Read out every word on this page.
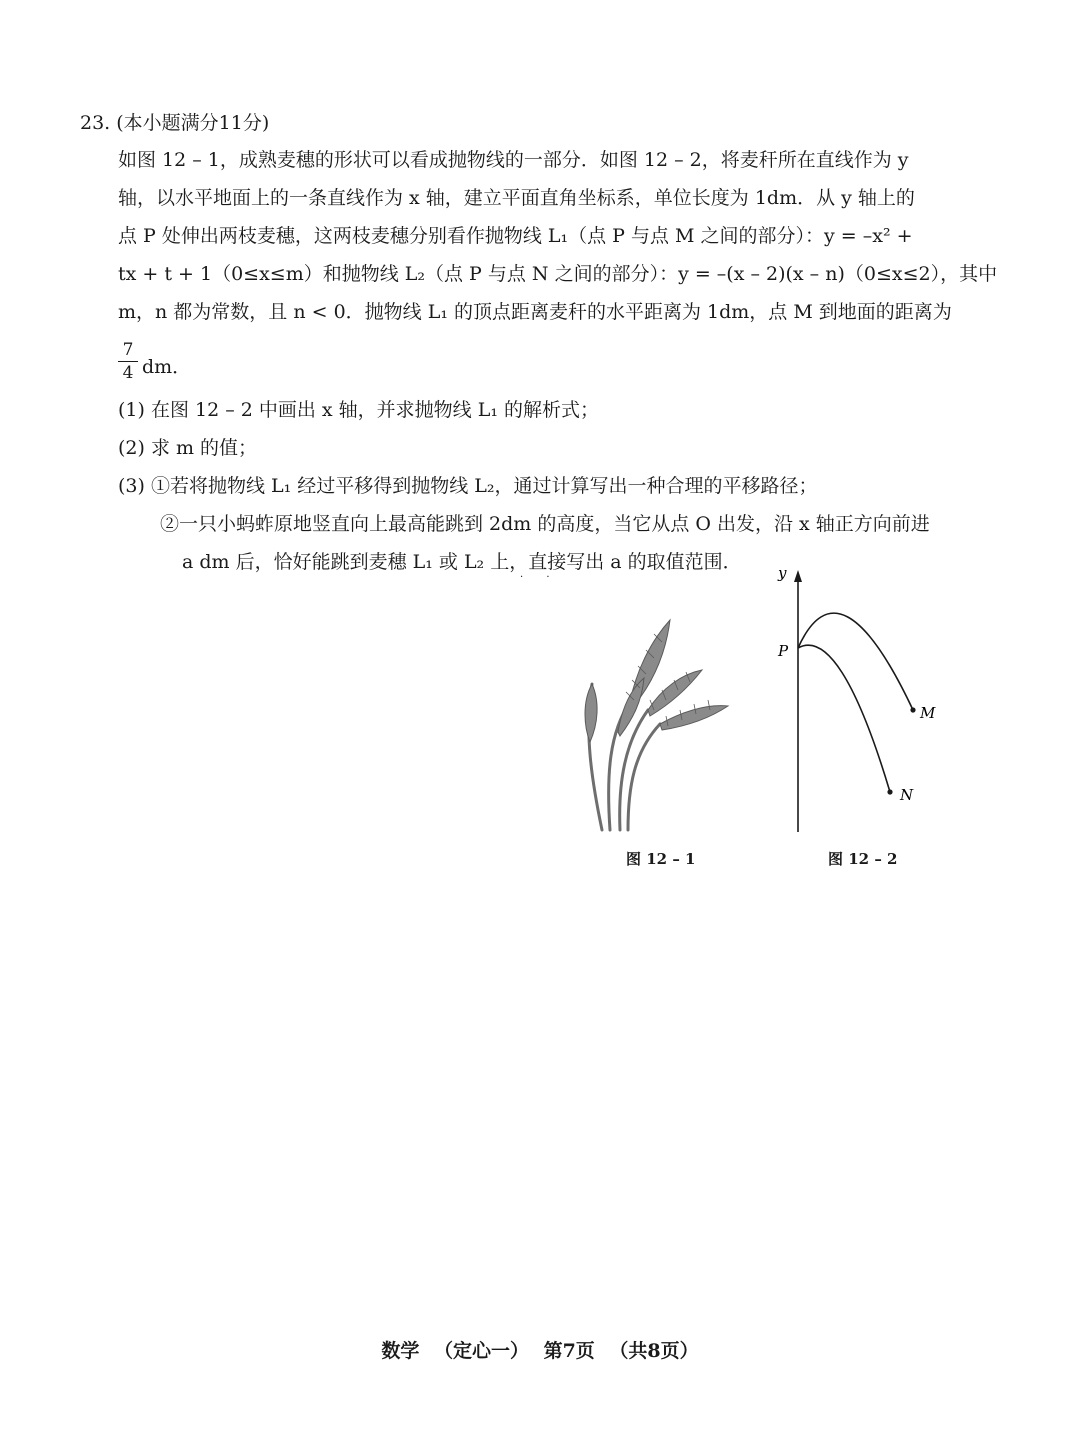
23. (本小题满分11分)
如图 12 – 1，成熟麦穗的形状可以看成抛物线的一部分．如图 12 – 2，将麦秆所在直线作为 y
轴，以水平地面上的一条直线作为 x 轴，建立平面直角坐标系，单位长度为 1dm．从 y 轴上的
点 P 处伸出两枝麦穗，这两枝麦穗分别看作抛物线 L₁（点 P 与点 M 之间的部分）：y = –x² +
tx + t + 1（0≤x≤m）和抛物线 L₂（点 P 与点 N 之间的部分）：y = –(x – 2)(x – n)（0≤x≤2），其中
m，n 都为常数，且 n < 0．抛物线 L₁ 的顶点距离麦秆的水平距离为 1dm，点 M 到地面的距离为
7
4 dm．
(1) 在图 12 – 2 中画出 x 轴，并求抛物线 L₁ 的解析式；
(2) 求 m 的值；
(3) ①若将抛物线 L₁ 经过平移得到抛物线 L₂，通过计算写出一种合理的平移路径；
②一只小蚂蚱原地竖直向上最高能跳到 2dm 的高度，当它从点 O 出发，沿 x 轴正方向前进
a dm 后，恰好能跳到麦穗 L₁ 或 L₂ 上，直接写出 a 的取值范围．
· ·
图 12 – 1
y
P
M
N
图 12 – 2
数学 （定心一） 第7页 （共8页）
